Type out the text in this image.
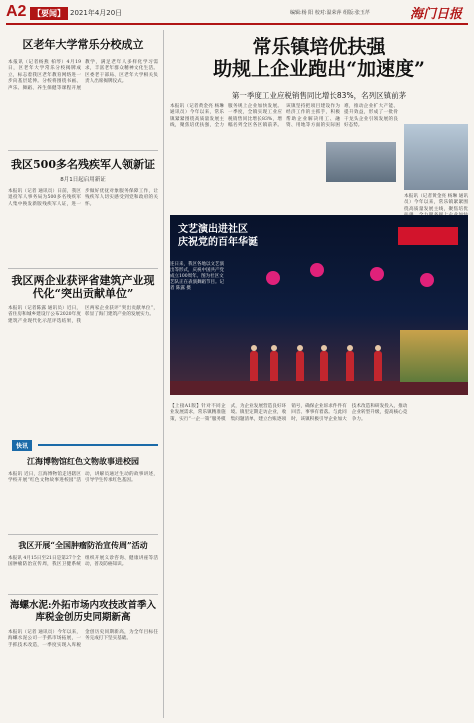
A2 【要闻】 2021年4月20日	编辑:杨 阳 校对:温荣萍 组版:张玉芹	海门日报
区老年大学常乐分校成立
本报讯（记者杨燕 柏琴）4月19日，区老年大学常乐分校揭牌成立，标志着我区老年教育网络进一步向基层延伸。分校将围绕书画、声乐、舞蹈、养生保健等课程开展教学，满足老年人多样化学习需求，丰富老年群众精神文化生活。区委老干部局、区老年大学相关负责人出席揭牌仪式。
我区500多名残疾军人领新证
8月1日起启用新证
本报讯（记者 通讯员）日前，我区退役军人事务局为500多名残疾军人集中换发新版残疾军人证，进一步做好优抚对象服务保障工作，让残疾军人切实感受到党和政府的关怀。
我区两企业获评省建筑产业现代化“突出贡献单位”
本报讯（记者陈露 通讯员）近日，省住房和城乡建设厅公布2020年度建筑产业现代化示范评选结果，我区两家企业获评“突出贡献单位”，彰显了海门建筑产业的发展实力。
快讯
江海博物馆红色文物故事进校园
本报讯 近日，江海博物馆走进辖区学校开展“红色文物故事进校园”活动，讲解员通过生动的故事讲述，引导学生传承红色基因。
我区开展“全国肿瘤防治宣传周”活动
本报讯 4月15日至21日是第27个全国肿瘤防治宣传周，我区卫健系统组织开展义诊咨询、健康讲座等活动，普及防癌知识。
海螺水泥:外拓市场内攻技改首季入库税金创历史同期新高
本报讯（记者 通讯员）今年以来，海螺水泥公司一手抓市场拓展，一手抓技术改造，一季度实现入库税金创历史同期新高，为全年目标任务完成打下坚实基础。
常乐镇培优扶强
助规上企业跑出“加速度”
第一季度工业应税销售同比增长83%，名列区镇前茅
本报讯（记者黄金亮 杨琳 通讯员）今年以来，常乐镇紧紧围绕高质量发展主线，聚焦培优扶强，全力服务规上企业加快发展。一季度，全镇实现工业应税销售同比增长83%，增幅名列全区各区镇前茅。该镇坚持把项目建设作为经济工作的主抓手，积极帮助企业解决用工、融资、用地等方面的实际困难，推动企业扩大产能、提升效益，形成了一批骨干龙头企业引领发展的良好态势。
本报讯（记者黄金亮 杨琳 通讯员）今年以来，常乐镇紧紧围绕高质量发展主线，聚焦培优
文艺演出进社区
庆祝党的百年华诞
连日来，我区各地以文艺演出等形式，庆祝中国共产党成立100周年。图为社区文艺队正在表演舞蹈节目。记者 陈露 摄
【上接A1版】针对不同企业发展需求，常乐镇精准施策，实行“一企一策”服务模式，为企业发展营造良好环境。镇里定期走访企业，收集问题清单，建立台账逐项销号，确保企业诉求件件有回音、事事有着落。与此同时，该镇积极引导企业加大技术改造和研发投入，推动企业转型升级，提高核心竞争力。
